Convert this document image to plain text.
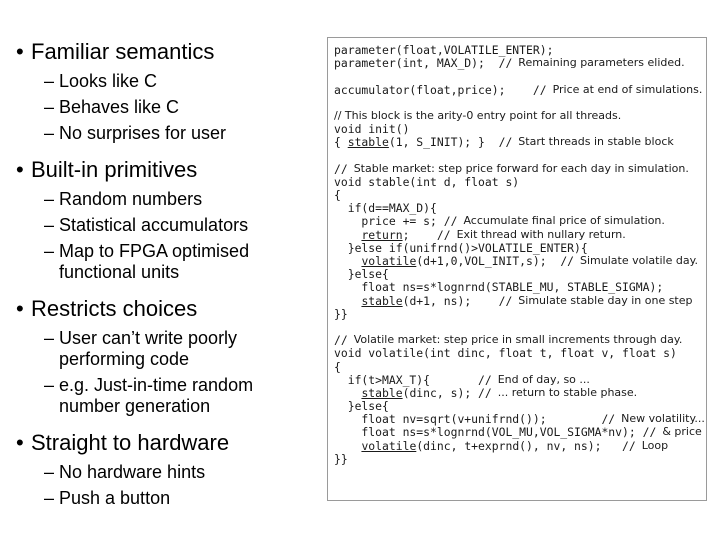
• Familiar semantics
– Looks like C
– Behaves like C
– No surprises for user
• Built-in primitives
– Random numbers
– Statistical accumulators
– Map to FPGA optimised functional units
• Restricts choices
– User can’t write poorly performing code
– e.g. Just-in-time random number generation
• Straight to hardware
– No hardware hints
– Push a button
parameter(float,VOLATILE_ENTER);
parameter(int, MAX_D);  // Remaining parameters elided.
accumulator(float,price);    // Price at end of simulations.
// This block is the arity-0 entry point for all threads.
void init()
{ stable(1, S_INIT); }  // Start threads in stable block
// Stable market: step price forward for each day in simulation.
void stable(int d, float s)
{
if(d==MAX_D){
price += s; // Accumulate final price of simulation.
return;    // Exit thread with nullary return.
}else if(unifrnd()>VOLATILE_ENTER){
volatile(d+1,0,VOL_INIT,s);  // Simulate volatile day.
}else{
float ns=s*lognrnd(STABLE_MU, STABLE_SIGMA);
stable(d+1, ns);    // Simulate stable day in one step
}}
// Volatile market: step price in small increments through day.
void volatile(int dinc, float t, float v, float s)
{
if(t>MAX_T){       // End of day, so ...
stable(dinc, s); // ... return to stable phase.
}else{
float nv=sqrt(v+unifrnd());        // New volatility...
float ns=s*lognrnd(VOL_MU,VOL_SIGMA*nv); // & price
volatile(dinc, t+exprnd(), nv, ns);   // Loop
}}
